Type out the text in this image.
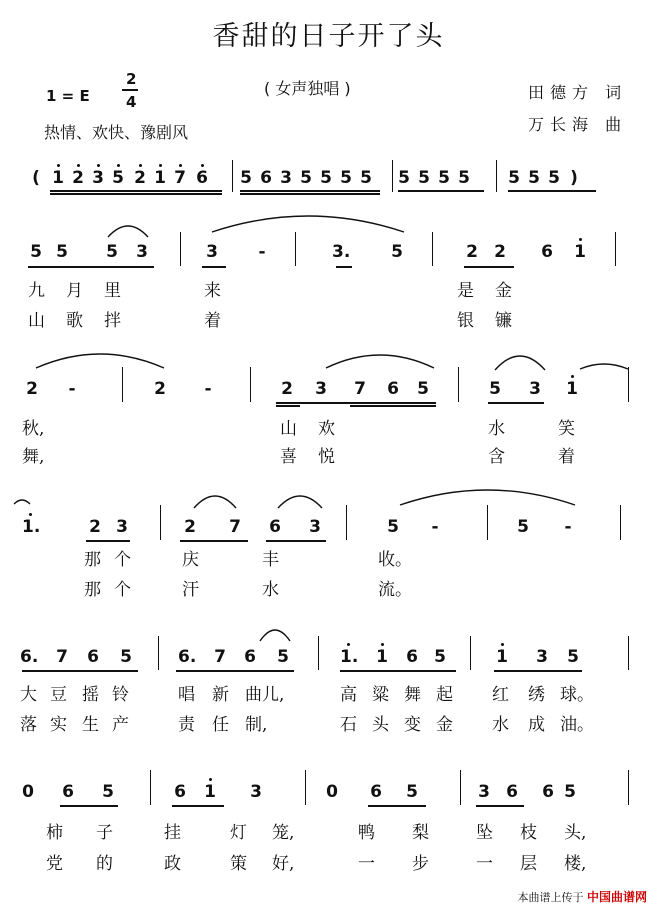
香甜的日子开了头
1 = E
2
4
热情、欢快、豫剧风
( 女声独唱 )	田德方 词
万长海 曲
( 1 2 3 5 2 1 7 6 5 6 3 5 5 5 5 5 5 5 5 5 5 5 )
5 5 5 3	3 -	3. 5	2 2 6 1
九 月 里	来	是 金
山 歌 拌	着	银 镰
2 -	2 -	2 3 7 6 5	5 3 1
秋,	山 欢	水	笑
舞,	喜 悦	含	着
1.	2 3	2 7 6 3	5 -	5 -
那 个	庆	丰	收。
那 个	汗	水	流。
6. 7 6 5	6. 7 6 5	1. 1 6 5	1 3 5
大 豆 摇 铃	唱 新 曲儿,	高 粱 舞 起 红 绣 球。
落 实 生 产	责 任 制,	石 头 变 金 水 成 油。
0 6 5	6 1 3	0 6 5	3 6 6 5
柿 子	挂	灯 笼,	鸭 梨	坠 枝 头,
党 的	政	策 好,	一 步	一 层 楼,
本曲谱上传于 中国曲谱网
